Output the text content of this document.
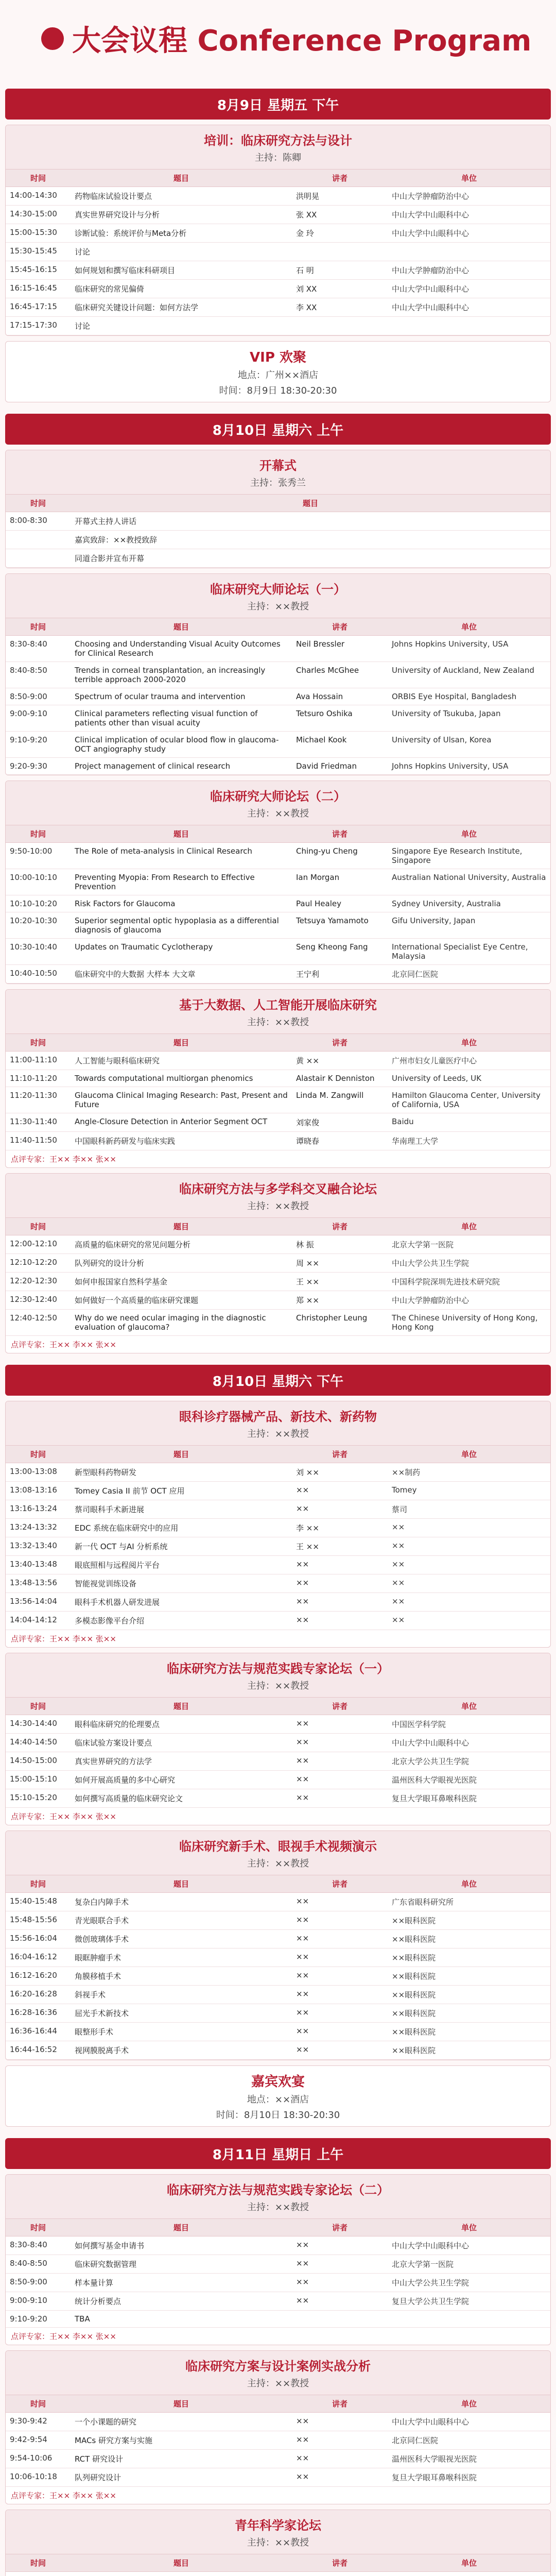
大会议程 Conference Program
8月9日 星期五 下午
培训：临床研究方法与设计
主持：陈卿
时间	题目	讲者	单位
14:00-14:30	药物临床试验设计要点	洪明晃	中山大学肿瘤防治中心
14:30-15:00	真实世界研究设计与分析	张 XX	中山大学中山眼科中心
15:00-15:30	诊断试验：系统评价与Meta分析	金 玲	中山大学中山眼科中心
15:30-15:45	讨论		
15:45-16:15	如何规划和撰写临床科研项目	石 明	中山大学肿瘤防治中心
16:15-16:45	临床研究的常见偏倚	刘 XX	中山大学中山眼科中心
16:45-17:15	临床研究关键设计问题：如何方法学	李 XX	中山大学中山眼科中心
17:15-17:30	讨论		
VIP 欢聚
地点：广州××酒店
时间：8月9日 18:30-20:30
8月10日 星期六 上午
开幕式
主持：张秀兰
时间	题目
8:00-8:30	开幕式主持人讲话
	嘉宾致辞：××教授致辞
	同道合影并宣布开幕
临床研究大师论坛（一）
主持：××教授
时间	题目	讲者	单位
8:30-8:40	Choosing and Understanding Visual Acuity Outcomes for Clinical Research	Neil Bressler	Johns Hopkins University, USA
8:40-8:50	Trends in corneal transplantation, an increasingly terrible approach 2000-2020	Charles McGhee	University of Auckland, New Zealand
8:50-9:00	Spectrum of ocular trauma and intervention	Ava Hossain	ORBIS Eye Hospital, Bangladesh
9:00-9:10	Clinical parameters reflecting visual function of patients other than visual acuity	Tetsuro Oshika	University of Tsukuba, Japan
9:10-9:20	Clinical implication of ocular blood flow in glaucoma-OCT angiography study	Michael Kook	University of Ulsan, Korea
9:20-9:30	Project management of clinical research	David Friedman	Johns Hopkins University, USA
临床研究大师论坛（二）
主持：××教授
时间	题目	讲者	单位
9:50-10:00	The Role of meta-analysis in Clinical Research	Ching-yu Cheng	Singapore Eye Research Institute, Singapore
10:00-10:10	Preventing Myopia: From Research to Effective Prevention	Ian Morgan	Australian National University, Australia
10:10-10:20	Risk Factors for Glaucoma	Paul Healey	Sydney University, Australia
10:20-10:30	Superior segmental optic hypoplasia as a differential diagnosis of glaucoma	Tetsuya Yamamoto	Gifu University, Japan
10:30-10:40	Updates on Traumatic Cyclotherapy	Seng Kheong Fang	International Specialist Eye Centre, Malaysia
10:40-10:50	临床研究中的大数据 大样本 大文章	王宁利	北京同仁医院
基于大数据、人工智能开展临床研究
主持：××教授
时间	题目	讲者	单位
11:00-11:10	人工智能与眼科临床研究	黄 ××	广州市妇女儿童医疗中心
11:10-11:20	Towards computational multiorgan phenomics	Alastair K Denniston	University of Leeds, UK
11:20-11:30	Glaucoma Clinical Imaging Research: Past, Present and Future	Linda M. Zangwill	Hamilton Glaucoma Center, University of California, USA
11:30-11:40	Angle-Closure Detection in Anterior Segment OCT	刘家俊	Baidu
11:40-11:50	中国眼科新药研发与临床实践	谭晓春	华南理工大学
点评专家：王×× 李×× 张××
临床研究方法与多学科交叉融合论坛
主持：××教授
时间	题目	讲者	单位
12:00-12:10	高质量的临床研究的常见问题分析	林 振	北京大学第一医院
12:10-12:20	队列研究的设计分析	周 ××	中山大学公共卫生学院
12:20-12:30	如何申报国家自然科学基金	王 ××	中国科学院深圳先进技术研究院
12:30-12:40	如何做好一个高质量的临床研究课题	郑 ××	中山大学肿瘤防治中心
12:40-12:50	Why do we need ocular imaging in the diagnostic evaluation of glaucoma?	Christopher Leung	The Chinese University of Hong Kong, Hong Kong
点评专家：王×× 李×× 张××
8月10日 星期六 下午
眼科诊疗器械产品、新技术、新药物
主持：××教授
时间	题目	讲者	单位
13:00-13:08	新型眼科药物研发	刘 ××	××制药
13:08-13:16	Tomey Casia II 前节 OCT 应用	××	Tomey
13:16-13:24	蔡司眼科手术新进展	××	蔡司
13:24-13:32	EDC 系统在临床研究中的应用	李 ××	××
13:32-13:40	新一代 OCT 与AI 分析系统	王 ××	××
13:40-13:48	眼底照相与远程阅片平台	××	××
13:48-13:56	智能视觉训练设备	××	××
13:56-14:04	眼科手术机器人研发进展	××	××
14:04-14:12	多模态影像平台介绍	××	××
点评专家：王×× 李×× 张××
临床研究方法与规范实践专家论坛（一）
主持：××教授
时间	题目	讲者	单位
14:30-14:40	眼科临床研究的伦理要点	××	中国医学科学院
14:40-14:50	临床试验方案设计要点	××	中山大学中山眼科中心
14:50-15:00	真实世界研究的方法学	××	北京大学公共卫生学院
15:00-15:10	如何开展高质量的多中心研究	××	温州医科大学眼视光医院
15:10-15:20	如何撰写高质量的临床研究论文	××	复旦大学眼耳鼻喉科医院
点评专家：王×× 李×× 张××
临床研究新手术、眼视手术视频演示
主持：××教授
时间	题目	讲者	单位
15:40-15:48	复杂白内障手术	××	广东省眼科研究所
15:48-15:56	青光眼联合手术	××	××眼科医院
15:56-16:04	微创玻璃体手术	××	××眼科医院
16:04-16:12	眼眶肿瘤手术	××	××眼科医院
16:12-16:20	角膜移植手术	××	××眼科医院
16:20-16:28	斜视手术	××	××眼科医院
16:28-16:36	屈光手术新技术	××	××眼科医院
16:36-16:44	眼整形手术	××	××眼科医院
16:44-16:52	视网膜脱离手术	××	××眼科医院
嘉宾欢宴
地点：××酒店
时间：8月10日 18:30-20:30
8月11日 星期日 上午
临床研究方法与规范实践专家论坛（二）
主持：××教授
时间	题目	讲者	单位
8:30-8:40	如何撰写基金申请书	××	中山大学中山眼科中心
8:40-8:50	临床研究数据管理	××	北京大学第一医院
8:50-9:00	样本量计算	××	中山大学公共卫生学院
9:00-9:10	统计分析要点	××	复旦大学公共卫生学院
9:10-9:20	TBA		
点评专家：王×× 李×× 张××
临床研究方案与设计案例实战分析
主持：××教授
时间	题目	讲者	单位
9:30-9:42	一个小课题的研究	××	中山大学中山眼科中心
9:42-9:54	MACs 研究方案与实施	××	北京同仁医院
9:54-10:06	RCT 研究设计	××	温州医科大学眼视光医院
10:06-10:18	队列研究设计	××	复旦大学眼耳鼻喉科医院
点评专家：王×× 李×× 张××
青年科学家论坛
主持：××教授
时间	题目	讲者	单位
